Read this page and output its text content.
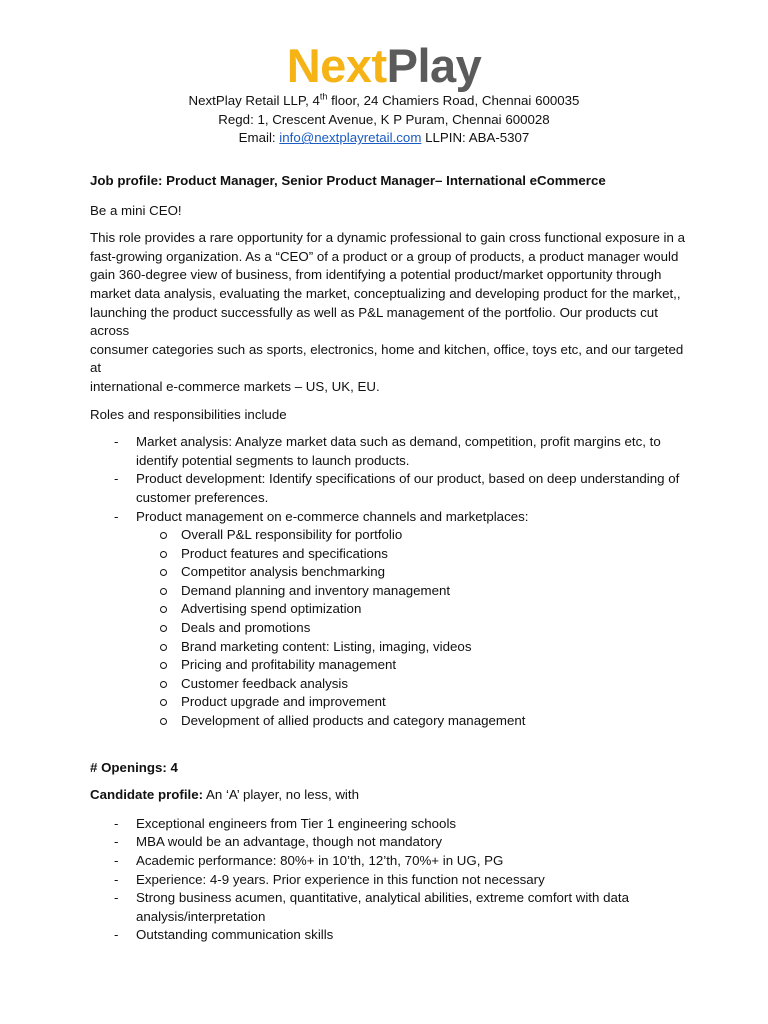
NextPlay
NextPlay Retail LLP, 4th floor, 24 Chamiers Road, Chennai 600035
Regd: 1, Crescent Avenue, K P Puram, Chennai 600028
Email: info@nextplayretail.com LLPIN: ABA-5307
Job profile: Product Manager, Senior Product Manager– International eCommerce
Be a mini CEO!
This role provides a rare opportunity for a dynamic professional to gain cross functional exposure in a
fast-growing organization. As a “CEO” of a product or a group of products, a product manager would
gain 360-degree view of business, from identifying a potential product/market opportunity through
market data analysis, evaluating the market, conceptualizing and developing product for the market,,
launching the product successfully as well as P&L management of the portfolio. Our products cut across
consumer categories such as sports, electronics, home and kitchen, office, toys etc, and our targeted at
international e-commerce markets – US, UK, EU.
Roles and responsibilities include
- Market analysis: Analyze market data such as demand, competition, profit margins etc, to
identify potential segments to launch products.
- Product development: Identify specifications of our product, based on deep understanding of
customer preferences.
- Product management on e-commerce channels and marketplaces:
Overall P&L responsibility for portfolio
Product features and specifications
Competitor analysis benchmarking
Demand planning and inventory management
Advertising spend optimization
Deals and promotions
Brand marketing content: Listing, imaging, videos
Pricing and profitability management
Customer feedback analysis
Product upgrade and improvement
Development of allied products and category management
# Openings: 4
Candidate profile: An ‘A’ player, no less, with
- Exceptional engineers from Tier 1 engineering schools
- MBA would be an advantage, though not mandatory
- Academic performance: 80%+ in 10’th, 12’th, 70%+ in UG, PG
- Experience: 4-9 years. Prior experience in this function not necessary
- Strong business acumen, quantitative, analytical abilities, extreme comfort with data
analysis/interpretation
- Outstanding communication skills
